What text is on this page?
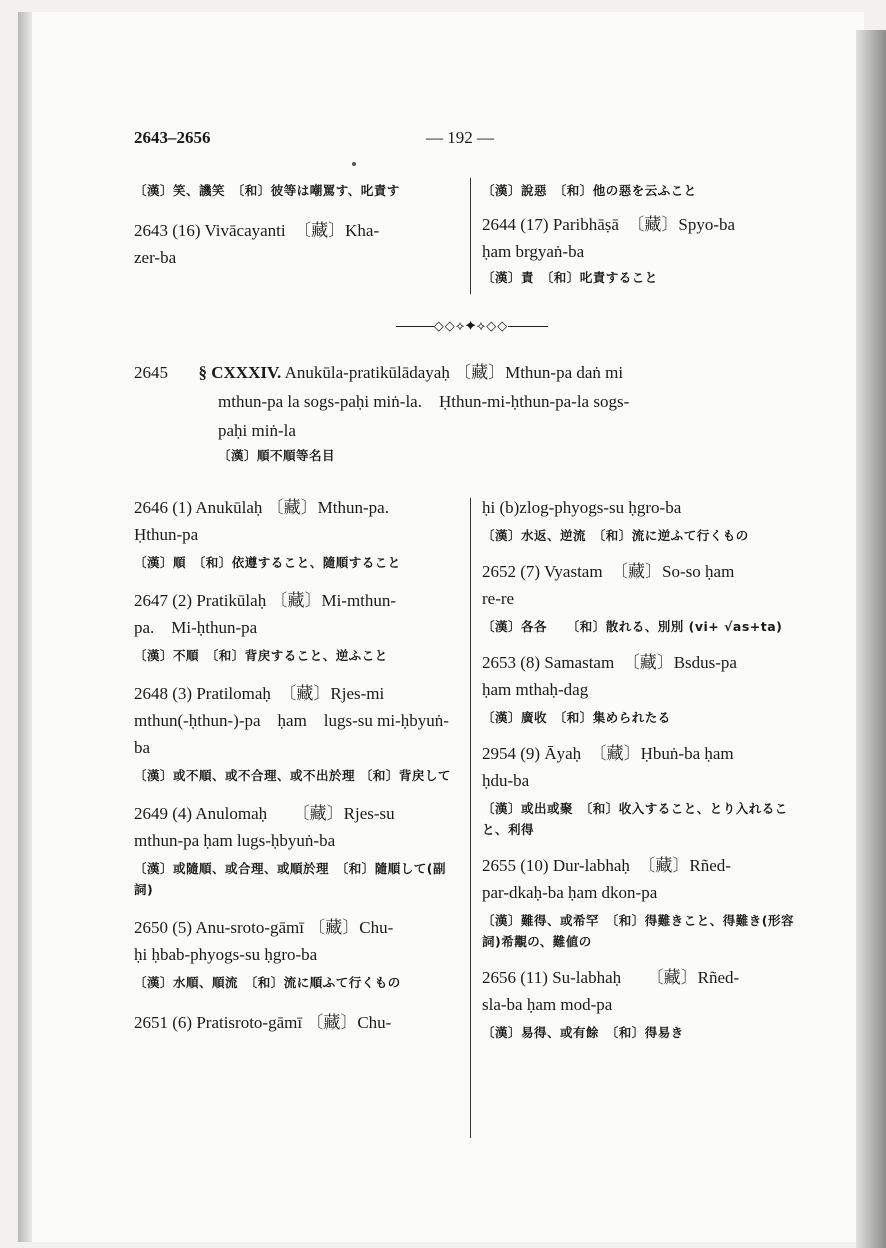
2643–2656	— 192 —

〔漢〕笑、譏笑　〔和〕彼等は嘲罵す、叱責す

2643 (16) Vivācayanti　〔藏〕Kha-

zer-ba

〔漢〕說惡　〔和〕他の惡を云ふこと

2644 (17) Paribhāṣā　〔藏〕Spyo-ba

ḥam brgyaṅ-ba

〔漢〕責　〔和〕叱責すること

◇◇⟡✦⟡◇◇

2645 § CXXXIV. Anukūla-pratikūlādayaḥ 〔藏〕Mthun-pa daṅ mi

mthun-pa la sogs-paḥi miṅ-la.　Ḥthun-mi-ḥthun-pa-la sogs-

paḥi miṅ-la

〔漢〕順不順等名目

2646 (1) Anukūlaḥ 〔藏〕Mthun-pa.

Ḥthun-pa

〔漢〕順　〔和〕依遵すること、隨順すること

2647 (2) Pratikūlaḥ 〔藏〕Mi-mthun-

pa.　Mi-ḥthun-pa

〔漢〕不順　〔和〕背戻すること、逆ふこと

2648 (3) Pratilomaḥ　〔藏〕Rjes-mi

mthun(-ḥthun-)-pa　ḥam　lugs-su mi-ḥbyuṅ-ba

〔漢〕或不順、或不合理、或不出於理 〔和〕背戻して

2649 (4) Anulomaḥ　　〔藏〕Rjes-su

mthun-pa ḥam lugs-ḥbyuṅ-ba

〔漢〕或隨順、或合理、或順於理　〔和〕隨順して(副詞)

2650 (5) Anu-sroto-gāmī 〔藏〕Chu-

ḥi ḥbab-phyogs-su ḥgro-ba

〔漢〕水順、順流　〔和〕流に順ふて行くもの

2651 (6) Pratisroto-gāmī 〔藏〕Chu-

ḥi (b)zlog-phyogs-su ḥgro-ba

〔漢〕水返、逆流　〔和〕流に逆ふて行くもの

2652 (7) Vyastam　〔藏〕So-so ḥam

re-re

〔漢〕各各　　〔和〕散れる、別別 (vi+ √as+ta)

2653 (8) Samastam　〔藏〕Bsdus-pa

ḥam mthaḥ-dag

〔漢〕廣收　〔和〕集められたる

2954 (9) Āyaḥ　〔藏〕Ḥbuṅ-ba ḥam

ḥdu-ba

〔漢〕或出或聚　〔和〕收入すること、とり入れること、利得

2655 (10) Dur-labhaḥ　〔藏〕Rñed-

par-dkaḥ-ba ḥam dkon-pa

〔漢〕難得、或希罕　〔和〕得難きこと、得難き(形容詞)希覯の、難値の

2656 (11) Su-labhaḥ　　〔藏〕Rñed-

sla-ba ḥam mod-pa

〔漢〕易得、或有餘　〔和〕得易き
